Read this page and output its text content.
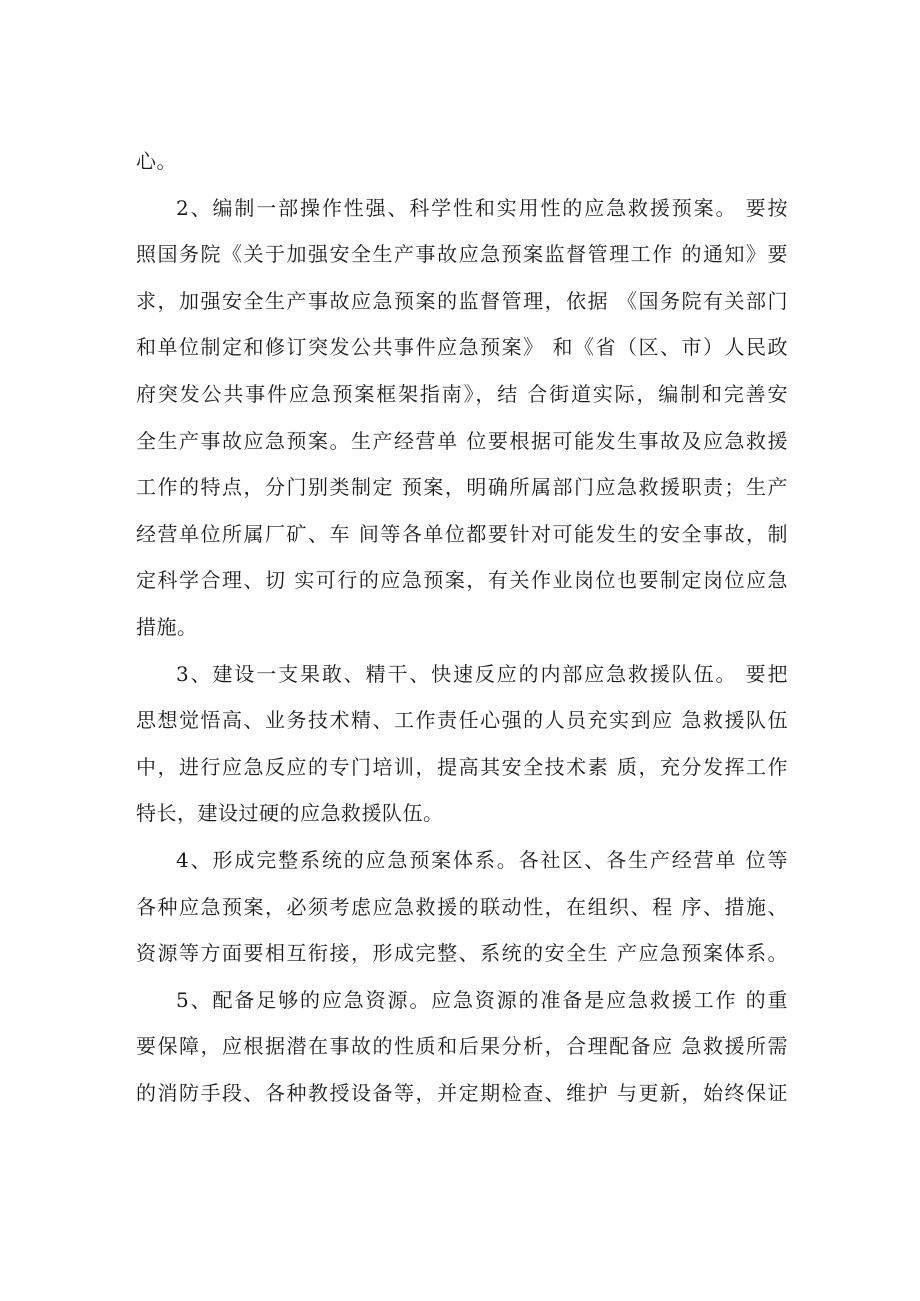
心。
2、编制一部操作性强、科学性和实用性的应急救援预案。 要按
照国务院《关于加强安全生产事故应急预案监督管理工作 的通知》要
求，加强安全生产事故应急预案的监督管理，依据 《国务院有关部门
和单位制定和修订突发公共事件应急预案》 和《省（区、市）人民政
府突发公共事件应急预案框架指南》，结 合街道实际，编制和完善安
全生产事故应急预案。生产经营单 位要根据可能发生事故及应急救援
工作的特点，分门别类制定 预案，明确所属部门应急救援职责；生产
经营单位所属厂矿、车 间等各单位都要针对可能发生的安全事故，制
定科学合理、切 实可行的应急预案，有关作业岗位也要制定岗位应急
措施。
3、建设一支果敢、精干、快速反应的内部应急救援队伍。 要把
思想觉悟高、业务技术精、工作责任心强的人员充实到应 急救援队伍
中，进行应急反应的专门培训，提高其安全技术素 质，充分发挥工作
特长，建设过硬的应急救援队伍。
4、形成完整系统的应急预案体系。各社区、各生产经营单 位等
各种应急预案，必须考虑应急救援的联动性，在组织、程 序、措施、
资源等方面要相互衔接，形成完整、系统的安全生 产应急预案体系。
5、配备足够的应急资源。应急资源的准备是应急救援工作 的重
要保障，应根据潜在事故的性质和后果分析，合理配备应 急救援所需
的消防手段、各种教授设备等，并定期检查、维护 与更新，始终保证
